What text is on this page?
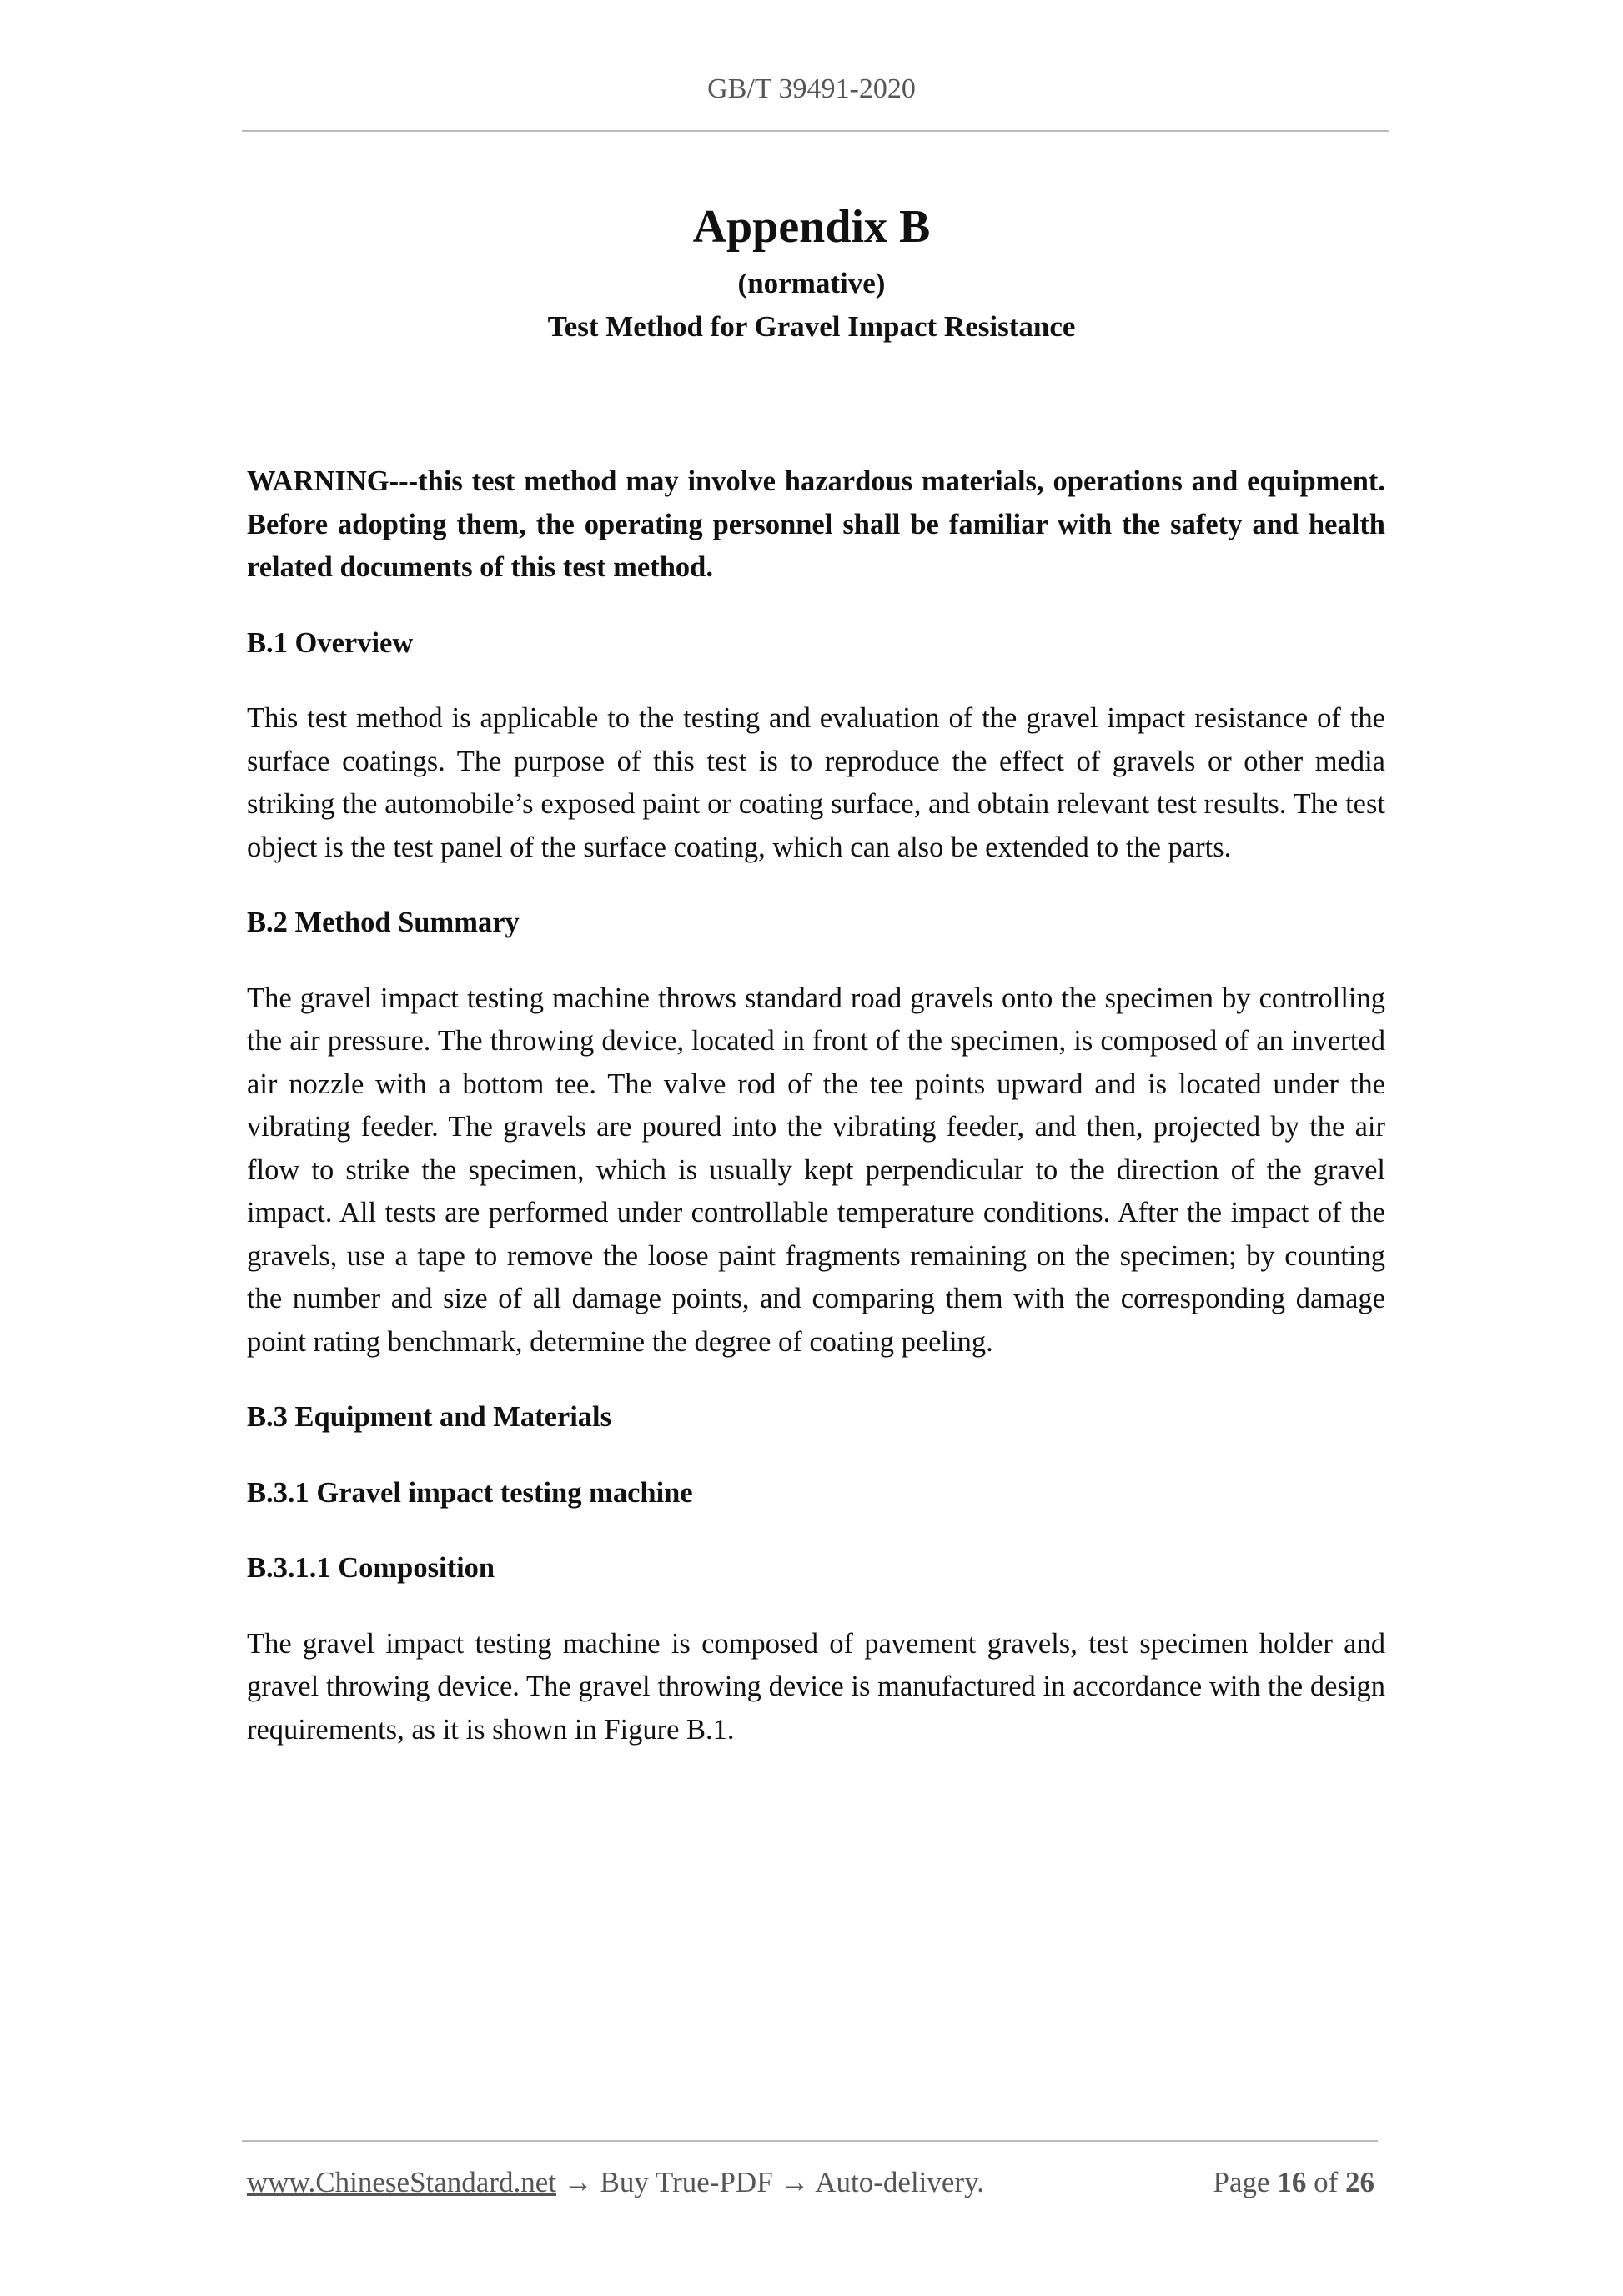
GB/T 39491-2020
Appendix B
(normative)
Test Method for Gravel Impact Resistance

WARNING---this test method may involve hazardous materials, operations and equipment. Before adopting them, the operating personnel shall be familiar with the safety and health related documents of this test method.

B.1 Overview

This test method is applicable to the testing and evaluation of the gravel impact resistance of the surface coatings. The purpose of this test is to reproduce the effect of gravels or other media striking the automobile’s exposed paint or coating surface, and obtain relevant test results. The test object is the test panel of the surface coating, which can also be extended to the parts.

B.2 Method Summary

The gravel impact testing machine throws standard road gravels onto the specimen by controlling the air pressure. The throwing device, located in front of the specimen, is composed of an inverted air nozzle with a bottom tee. The valve rod of the tee points upward and is located under the vibrating feeder. The gravels are poured into the vibrating feeder, and then, projected by the air flow to strike the specimen, which is usually kept perpendicular to the direction of the gravel impact. All tests are performed under controllable temperature conditions. After the impact of the gravels, use a tape to remove the loose paint fragments remaining on the specimen; by counting the number and size of all damage points, and comparing them with the corresponding damage point rating benchmark, determine the degree of coating peeling.

B.3 Equipment and Materials
B.3.1 Gravel impact testing machine
B.3.1.1 Composition

The gravel impact testing machine is composed of pavement gravels, test specimen holder and gravel throwing device. The gravel throwing device is manufactured in accordance with the design requirements, as it is shown in Figure B.1.

www.ChineseStandard.net → Buy True-PDF → Auto-delivery.	Page 16 of 26
